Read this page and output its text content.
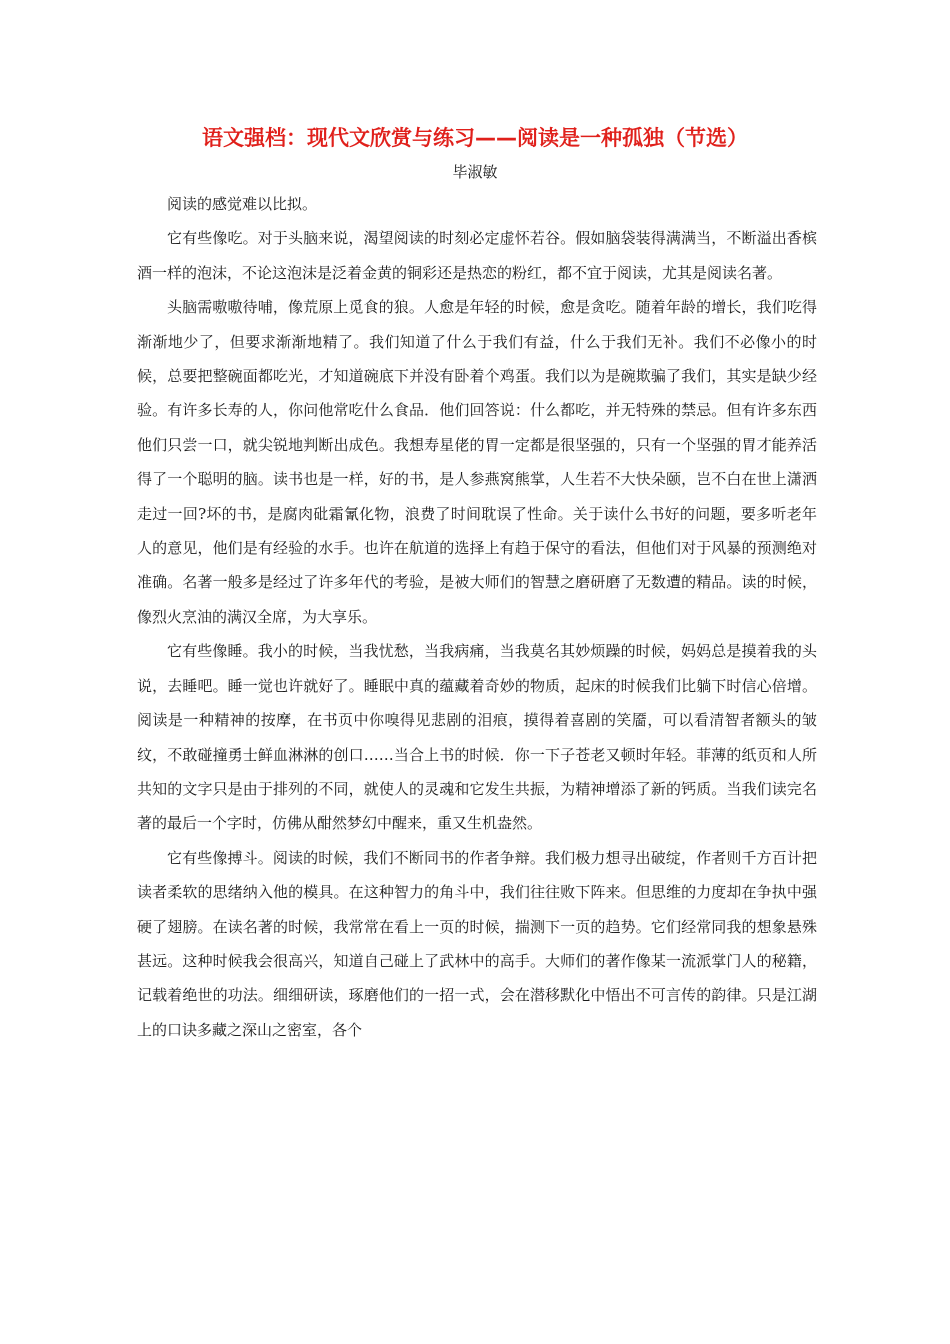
语文强档：现代文欣赏与练习——阅读是一种孤独（节选）
毕淑敏

阅读的感觉难以比拟。

它有些像吃。对于头脑来说，渴望阅读的时刻必定虚怀若谷。假如脑袋装得满满当，不断溢出香槟酒一样的泡沫，不论这泡沫是泛着金黄的铜彩还是热恋的粉红，都不宜于阅读，尤其是阅读名著。

头脑需嗷嗷待哺，像荒原上觅食的狼。人愈是年轻的时候，愈是贪吃。随着年龄的增长，我们吃得渐渐地少了，但要求渐渐地精了。我们知道了什么于我们有益，什么于我们无补。我们不必像小的时候，总要把整碗面都吃光，才知道碗底下并没有卧着个鸡蛋。我们以为是碗欺骗了我们，其实是缺少经验。有许多长寿的人，你问他常吃什么食品．他们回答说：什么都吃，并无特殊的禁忌。但有许多东西他们只尝一口，就尖锐地判断出成色。我想寿星佬的胃一定都是很坚强的，只有一个坚强的胃才能养活得了一个聪明的脑。读书也是一样，好的书，是人参燕窝熊掌，人生若不大快朵颐，岂不白在世上潇洒走过一回?坏的书，是腐肉砒霜氰化物，浪费了时间耽误了性命。关于读什么书好的问题，要多听老年人的意见，他们是有经验的水手。也许在航道的选择上有趋于保守的看法，但他们对于风暴的预测绝对准确。名著一般多是经过了许多年代的考验，是被大师们的智慧之磨研磨了无数遭的精品。读的时候，像烈火烹油的满汉全席，为大享乐。

它有些像睡。我小的时候，当我忧愁，当我病痛，当我莫名其妙烦躁的时候，妈妈总是摸着我的头说，去睡吧。睡一觉也许就好了。睡眠中真的蕴藏着奇妙的物质，起床的时候我们比躺下时信心倍增。阅读是一种精神的按摩，在书页中你嗅得见悲剧的泪痕，摸得着喜剧的笑靥，可以看清智者额头的皱纹，不敢碰撞勇士鲜血淋淋的创口……当合上书的时候．你一下子苍老又顿时年轻。菲薄的纸页和人所共知的文字只是由于排列的不同，就使人的灵魂和它发生共振，为精神增添了新的钙质。当我们读完名著的最后一个字时，仿佛从酣然梦幻中醒来，重又生机盎然。

它有些像搏斗。阅读的时候，我们不断同书的作者争辩。我们极力想寻出破绽，作者则千方百计把读者柔软的思绪纳入他的模具。在这种智力的角斗中，我们往往败下阵来。但思维的力度却在争执中强硬了翅膀。在读名著的时候，我常常在看上一页的时候，揣测下一页的趋势。它们经常同我的想象悬殊甚远。这种时候我会很高兴，知道自己碰上了武林中的高手。大师们的著作像某一流派掌门人的秘籍，记载着绝世的功法。细细研读，琢磨他们的一招一式，会在潜移默化中悟出不可言传的韵律。只是江湖上的口诀多藏之深山之密室，各个
